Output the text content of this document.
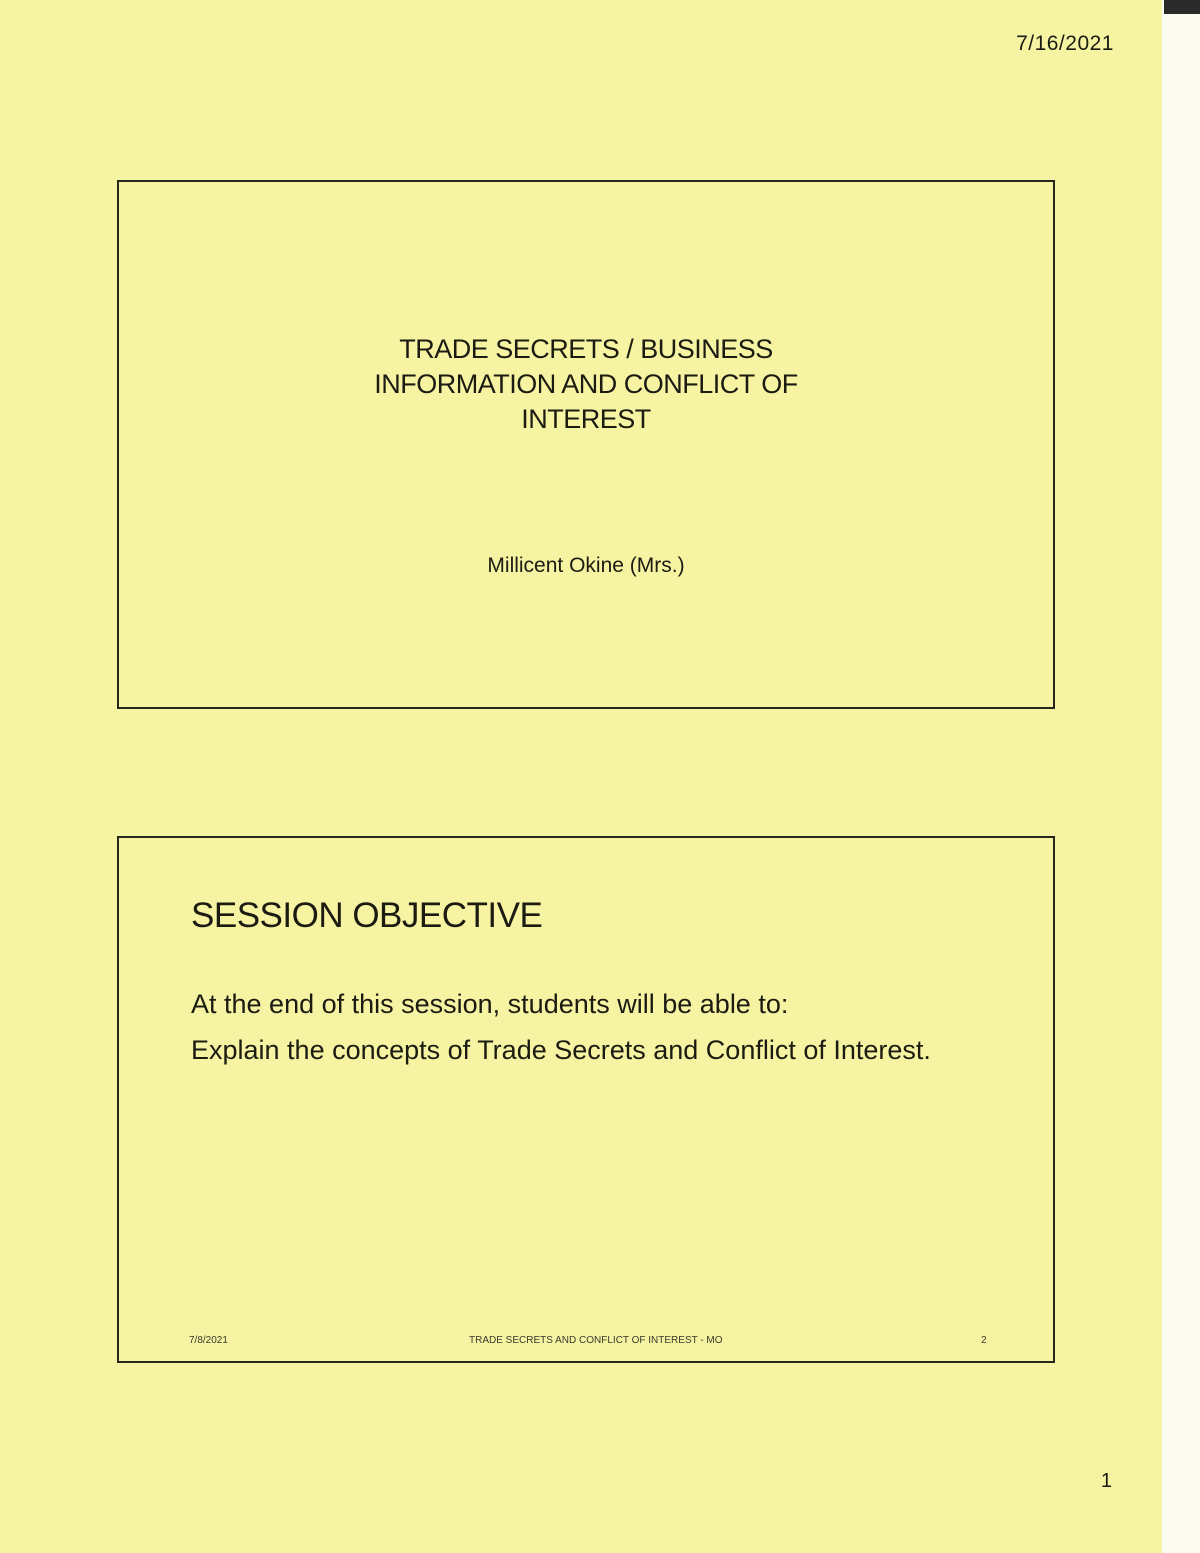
7/16/2021
TRADE SECRETS / BUSINESS INFORMATION AND CONFLICT OF INTEREST
Millicent Okine (Mrs.)
SESSION OBJECTIVE

At the end of this session, students will be able to:

Explain the concepts of Trade Secrets and Conflict of Interest.

7/8/2021	TRADE SECRETS AND CONFLICT OF INTEREST - MO	2
1
